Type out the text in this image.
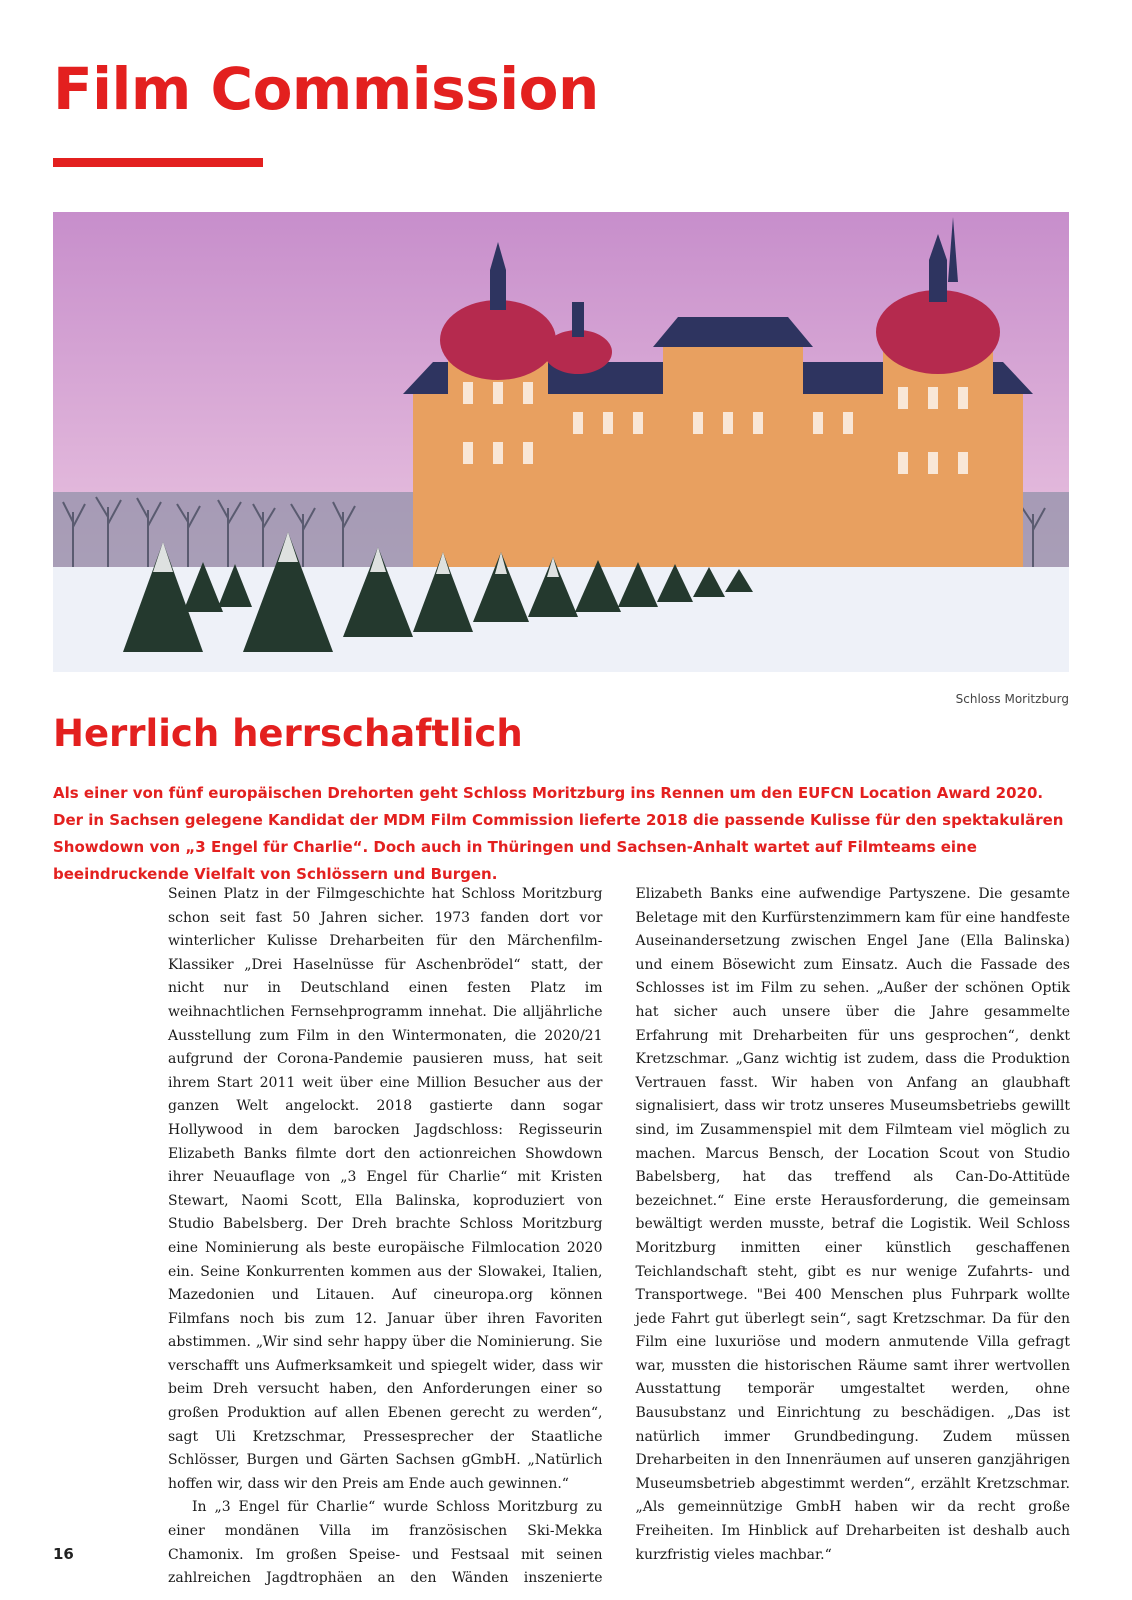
Film Commission

Schloss Moritzburg

Herrlich herrschaftlich

Als einer von fünf europäischen Drehorten geht Schloss Moritzburg ins Rennen um den EUFCN Location Award 2020. Der in Sachsen gelegene Kandidat der MDM Film Commission lieferte 2018 die passende Kulisse für den spektakulären Showdown von „3 Engel für Charlie“. Doch auch in Thüringen und Sachsen-Anhalt wartet auf Filmteams eine beeindruckende Vielfalt von Schlössern und Burgen.

Seinen Platz in der Filmgeschichte hat Schloss Moritzburg schon seit fast 50 Jahren sicher. 1973 fanden dort vor winterlicher Kulisse Dreharbeiten für den Märchenfilm-Klassiker „Drei Haselnüsse für Aschenbrödel“ statt, der nicht nur in Deutschland einen festen Platz im weihnachtlichen Fernsehprogramm innehat. Die alljährliche Ausstellung zum Film in den Wintermonaten, die 2020/21 aufgrund der Corona-Pandemie pausieren muss, hat seit ihrem Start 2011 weit über eine Million Besucher aus der ganzen Welt angelockt. 2018 gastierte dann sogar Hollywood in dem barocken Jagdschloss: Regisseurin Elizabeth Banks filmte dort den actionreichen Showdown ihrer Neuauflage von „3 Engel für Charlie“ mit Kristen Stewart, Naomi Scott, Ella Balinska, koproduziert von Studio Babelsberg. Der Dreh brachte Schloss Moritzburg eine Nominierung als beste europäische Filmlocation 2020 ein. Seine Konkurrenten kommen aus der Slowakei, Italien, Mazedonien und Litauen. Auf cineuropa.org können Filmfans noch bis zum 12. Januar über ihren Favoriten abstimmen. „Wir sind sehr happy über die Nominierung. Sie verschafft uns Aufmerksamkeit und spiegelt wider, dass wir beim Dreh versucht haben, den Anforderungen einer so großen Produktion auf allen Ebenen gerecht zu werden“, sagt Uli Kretzschmar, Pressesprecher der Staatliche Schlösser, Burgen und Gärten Sachsen gGmbH. „Natürlich hoffen wir, dass wir den Preis am Ende auch gewinnen.“

In „3 Engel für Charlie“ wurde Schloss Moritzburg zu einer mondänen Villa im französischen Ski-Mekka Chamonix. Im großen Speise- und Festsaal mit seinen zahlreichen Jagdtrophäen an den Wänden inszenierte Elizabeth Banks eine aufwendige Partyszene. Die gesamte Beletage mit den Kurfürstenzimmern kam für eine handfeste Auseinandersetzung zwischen Engel Jane (Ella Balinska) und einem Bösewicht zum Einsatz. Auch die Fassade des Schlosses ist im Film zu sehen. „Außer der schönen Optik hat sicher auch unsere über die Jahre gesammelte Erfahrung mit Dreharbeiten für uns gesprochen“, denkt Kretzschmar. „Ganz wichtig ist zudem, dass die Produktion Vertrauen fasst. Wir haben von Anfang an glaubhaft signalisiert, dass wir trotz unseres Museumsbetriebs gewillt sind, im Zusammenspiel mit dem Filmteam viel möglich zu machen. Marcus Bensch, der Location Scout von Studio Babelsberg, hat das treffend als Can-Do-Attitüde bezeichnet.“ Eine erste Herausforderung, die gemeinsam bewältigt werden musste, betraf die Logistik. Weil Schloss Moritzburg inmitten einer künstlich geschaffenen Teichlandschaft steht, gibt es nur wenige Zufahrts- und Transportwege. "Bei 400 Menschen plus Fuhrpark wollte jede Fahrt gut überlegt sein“, sagt Kretzschmar. Da für den Film eine luxuriöse und modern anmutende Villa gefragt war, mussten die historischen Räume samt ihrer wertvollen Ausstattung temporär umgestaltet werden, ohne Bausubstanz und Einrichtung zu beschädigen. „Das ist natürlich immer Grundbedingung. Zudem müssen Dreharbeiten in den Innenräumen auf unseren ganzjährigen Museumsbetrieb abgestimmt werden“, erzählt Kretzschmar. „Als gemeinnützige GmbH haben wir da recht große Freiheiten. Im Hinblick auf Dreharbeiten ist deshalb auch kurzfristig vieles machbar.“

16
